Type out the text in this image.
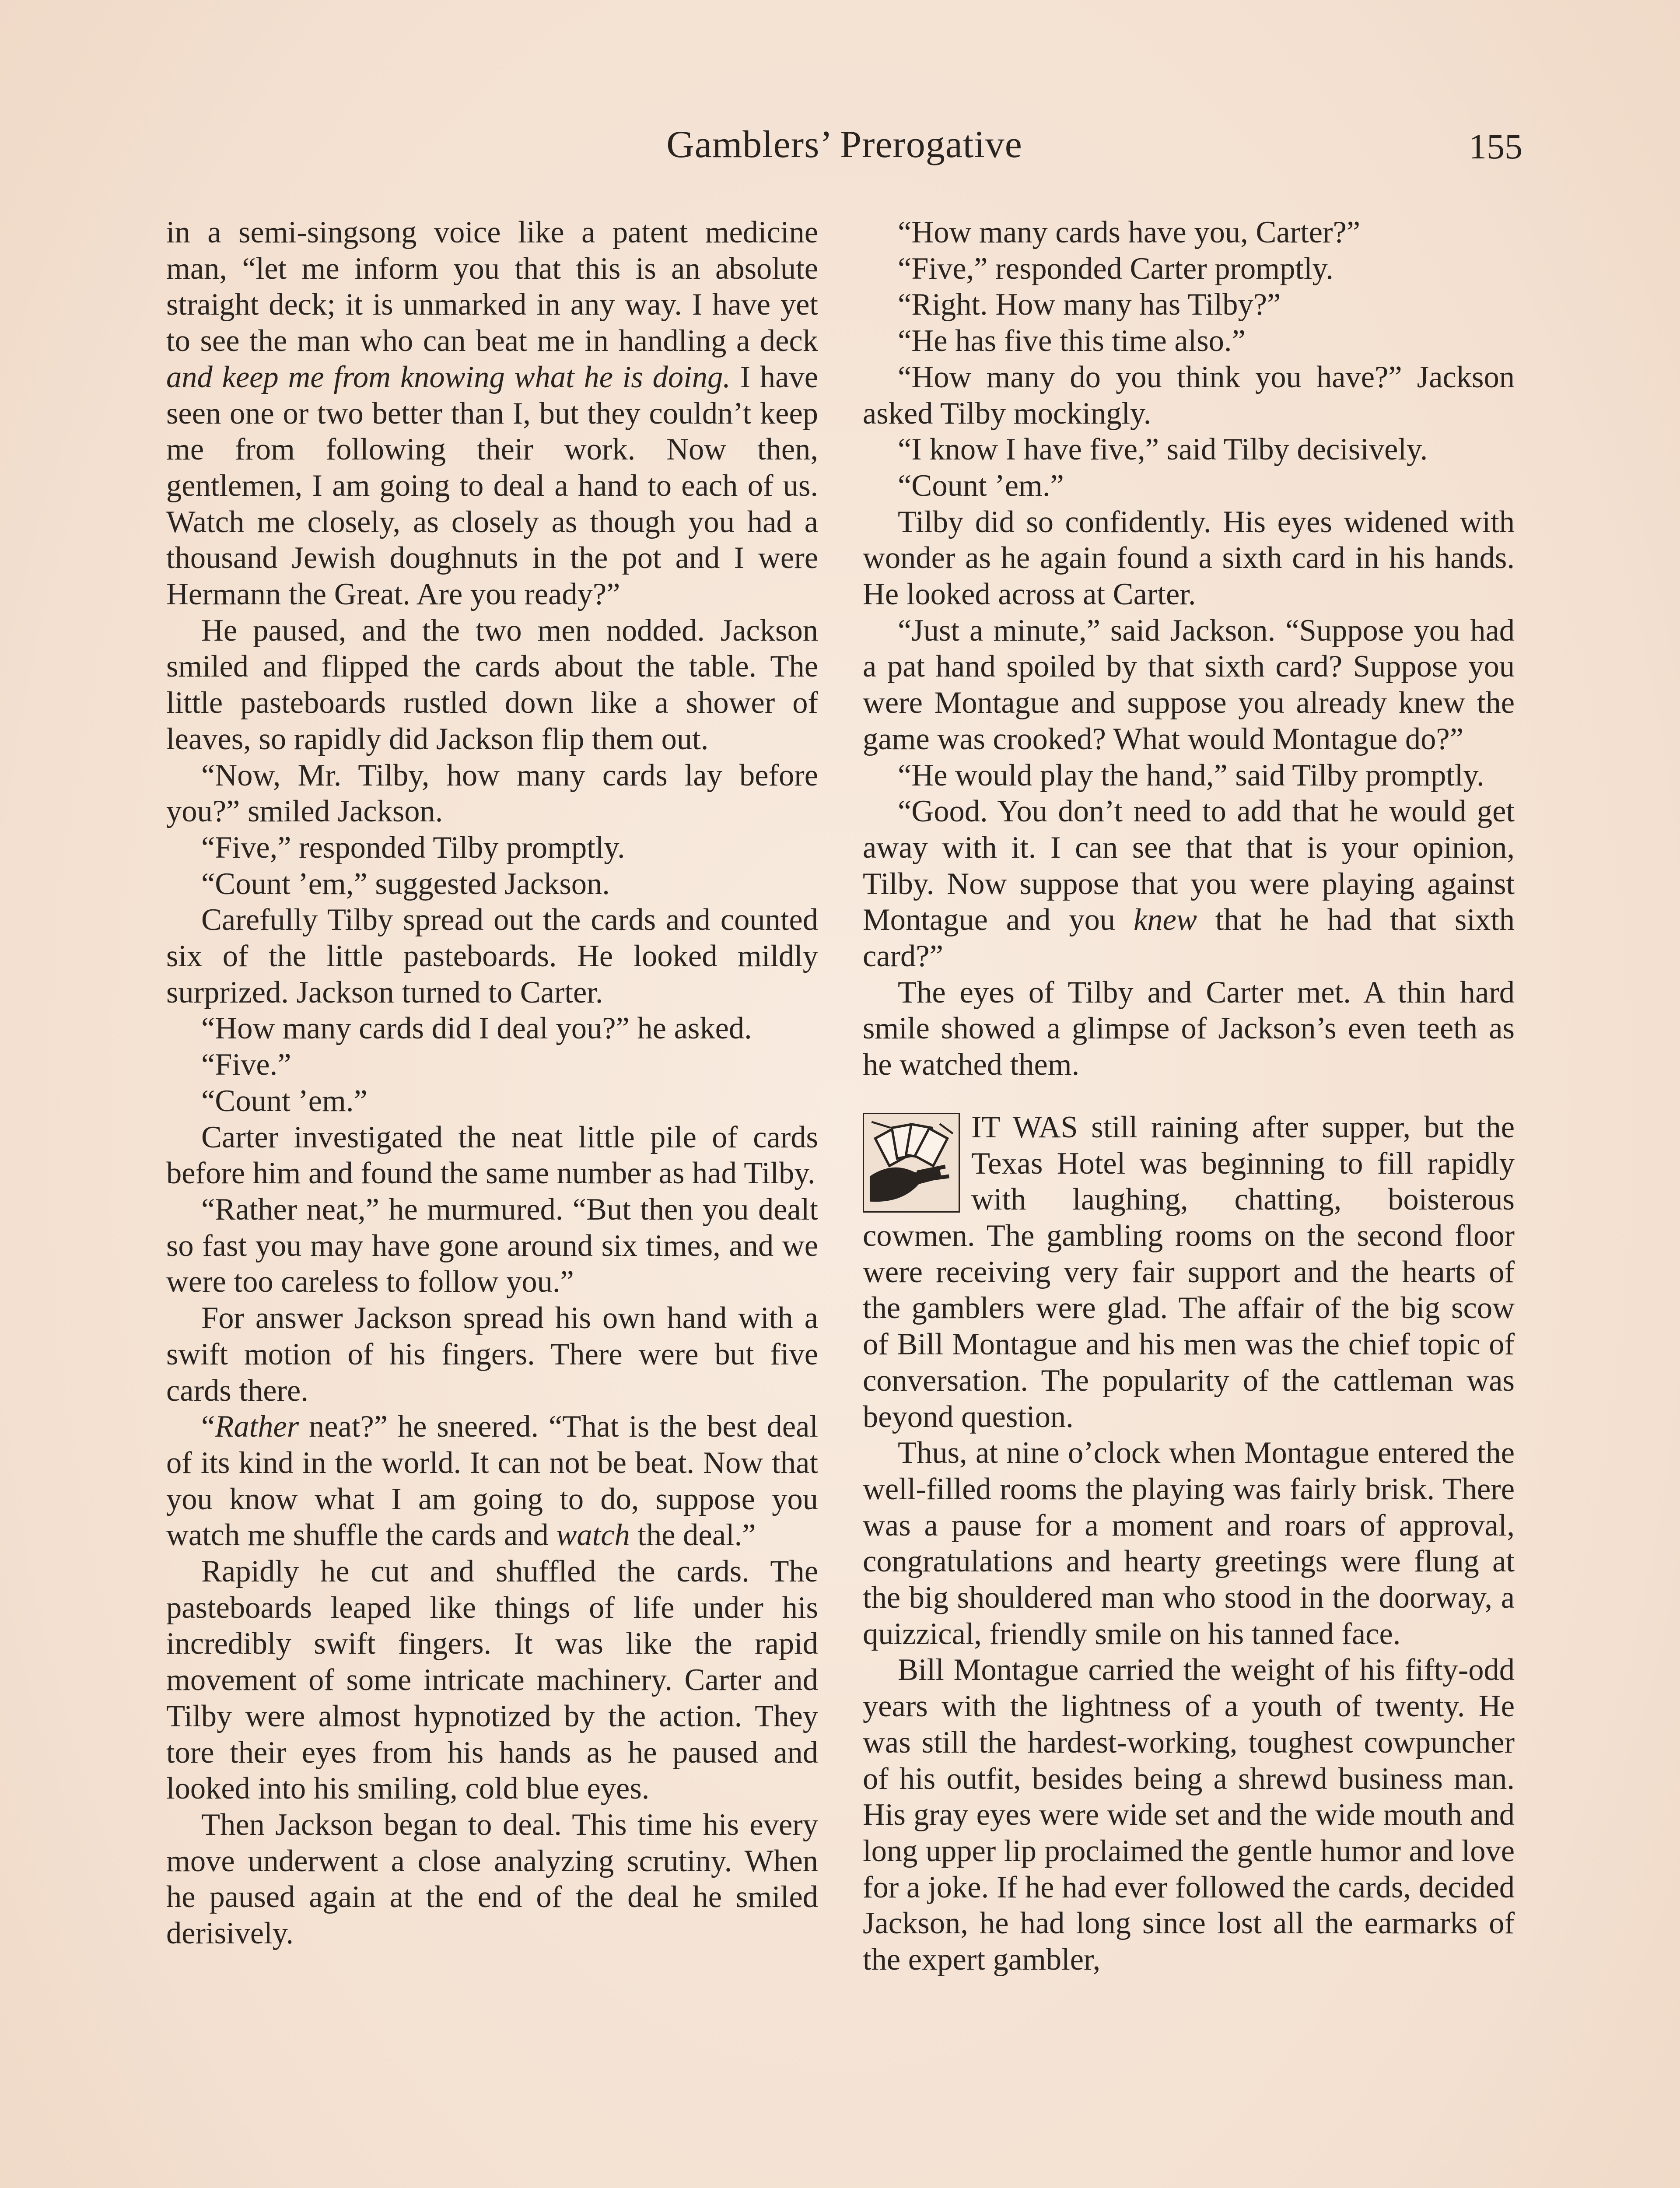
Gamblers’ Prerogative	155

in a semi-singsong voice like a patent medicine man, “let me inform you that this is an absolute straight deck; it is unmarked in any way. I have yet to see the man who can beat me in handling a deck and keep me from knowing what he is doing. I have seen one or two better than I, but they couldn’t keep me from following their work. Now then, gentlemen, I am going to deal a hand to each of us. Watch me closely, as closely as though you had a thousand Jewish doughnuts in the pot and I were Hermann the Great. Are you ready?”

He paused, and the two men nodded. Jackson smiled and flipped the cards about the table. The little pasteboards rustled down like a shower of leaves, so rapidly did Jackson flip them out.

“Now, Mr. Tilby, how many cards lay before you?” smiled Jackson.

“Five,” responded Tilby promptly.

“Count ’em,” suggested Jackson.

Carefully Tilby spread out the cards and counted six of the little pasteboards. He looked mildly surprized. Jackson turned to Carter.

“How many cards did I deal you?” he asked.

“Five.”

“Count ’em.”

Carter investigated the neat little pile of cards before him and found the same number as had Tilby.

“Rather neat,” he murmured. “But then you dealt so fast you may have gone around six times, and we were too careless to follow you.”

For answer Jackson spread his own hand with a swift motion of his fingers. There were but five cards there.

“Rather neat?” he sneered. “That is the best deal of its kind in the world. It can not be beat. Now that you know what I am going to do, suppose you watch me shuffle the cards and watch the deal.”

Rapidly he cut and shuffled the cards. The pasteboards leaped like things of life under his incredibly swift fingers. It was like the rapid movement of some intricate machinery. Carter and Tilby were almost hypnotized by the action. They tore their eyes from his hands as he paused and looked into his smiling, cold blue eyes.

Then Jackson began to deal. This time his every move underwent a close analyzing scrutiny. When he paused again at the end of the deal he smiled derisively.

“How many cards have you, Carter?”

“Five,” responded Carter promptly.

“Right. How many has Tilby?”

“He has five this time also.”

“How many do you think you have?” Jackson asked Tilby mockingly.

“I know I have five,” said Tilby decisively.

“Count ’em.”

Tilby did so confidently. His eyes widened with wonder as he again found a sixth card in his hands. He looked across at Carter.

“Just a minute,” said Jackson. “Suppose you had a pat hand spoiled by that sixth card? Suppose you were Montague and suppose you already knew the game was crooked? What would Montague do?”

“He would play the hand,” said Tilby promptly.

“Good. You don’t need to add that he would get away with it. I can see that that is your opinion, Tilby. Now suppose that you were playing against Montague and you knew that he had that sixth card?”

The eyes of Tilby and Carter met. A thin hard smile showed a glimpse of Jackson’s even teeth as he watched them.

IT WAS still raining after supper, but the Texas Hotel was beginning to fill rapidly with laughing, chatting, boisterous cowmen. The gambling rooms on the second floor were receiving very fair support and the hearts of the gamblers were glad. The affair of the big scow of Bill Montague and his men was the chief topic of conversation. The popularity of the cattleman was beyond question.

Thus, at nine o’clock when Montague entered the well-filled rooms the playing was fairly brisk. There was a pause for a moment and roars of approval, congratulations and hearty greetings were flung at the big shouldered man who stood in the doorway, a quizzical, friendly smile on his tanned face.

Bill Montague carried the weight of his fifty-odd years with the lightness of a youth of twenty. He was still the hardest-working, toughest cowpuncher of his outfit, besides being a shrewd business man. His gray eyes were wide set and the wide mouth and long upper lip proclaimed the gentle humor and love for a joke. If he had ever followed the cards, decided Jackson, he had long since lost all the earmarks of the expert gambler,
